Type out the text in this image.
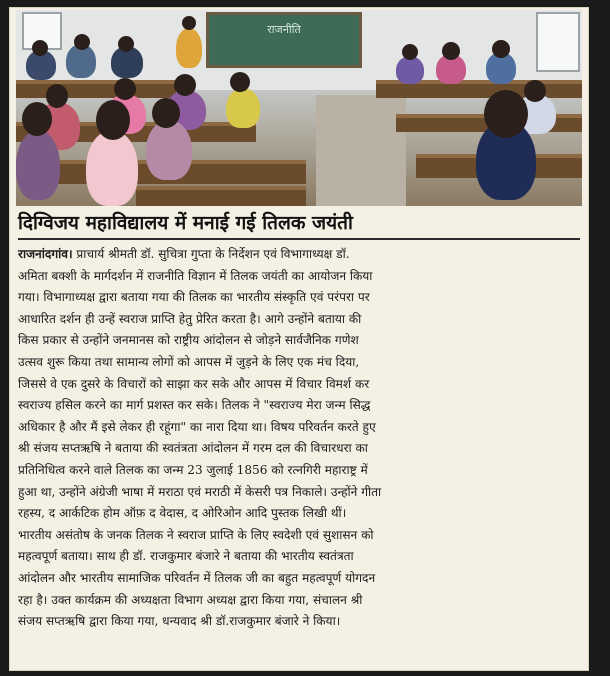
राजनीति
दिग्विजय महाविद्यालय में मनाई गई तिलक जयंती
राजनांदगांव। प्राचार्य श्रीमती डॉ. सुचित्रा गुप्ता के निर्देशन एवं विभागाध्यक्ष डॉ.
अमिता बक्शी के मार्गदर्शन में राजनीति विज्ञान में तिलक जयंती का आयोजन किया
गया। विभागाध्यक्ष द्वारा बताया गया की तिलक का भारतीय संस्कृति एवं परंपरा पर
आधारित दर्शन ही उन्हें स्वराज प्राप्ति हेतु प्रेरित करता है। आगे उन्होंने बताया की
किस प्रकार से उन्होंने जनमानस को राष्ट्रीय आंदोलन से जोड़ने सार्वजैनिक गणेश
उत्सव शुरू किया तथा सामान्य लोगों को आपस में जुड़ने के लिए एक मंच दिया,
जिससे वे एक दुसरे के विचारों को साझा कर सके और आपस में विचार विमर्श कर
स्वराज्य हसिल करने का मार्ग प्रशस्त कर सके। तिलक ने "स्वराज्य मेरा जन्म सिद्ध
अधिकार है और मैं इसे लेकर ही रहूंगा" का नारा दिया था। विषय परिवर्तन करते हुए
श्री संजय सप्तऋषि ने बताया की स्वतंत्रता आंदोलन में गरम दल की विचारधरा का
प्रतिनिधित्व करने वाले तिलक का जन्म 23 जुलाई 1856 को रत्नगिरी महाराष्ट्र में
हुआ था, उन्होंने अंग्रेजी भाषा में मराठा एवं मराठी में केसरी पत्र निकाले। उन्होंने गीता
रहस्य, द आर्कटिक होम ऑफ़ द वेदास, द ओरिओन आदि पुस्तक लिखी थीं।
भारतीय असंतोष के जनक तिलक ने स्वराज प्राप्ति के लिए स्वदेशी एवं सुशासन को
महत्वपूर्ण बताया। साथ ही डॉ. राजकुमार बंजारे ने बताया की भारतीय स्वतंत्रता
आंदोलन और भारतीय सामाजिक परिवर्तन में तिलक जी का बहुत महत्वपूर्ण योगदन
रहा है। उक्त कार्यक्रम की अध्यक्षता विभाग अध्यक्ष द्वारा किया गया, संचालन श्री
संजय सप्तऋषि द्वारा किया गया, धन्यवाद श्री डॉ.राजकुमार बंजारे ने किया।
